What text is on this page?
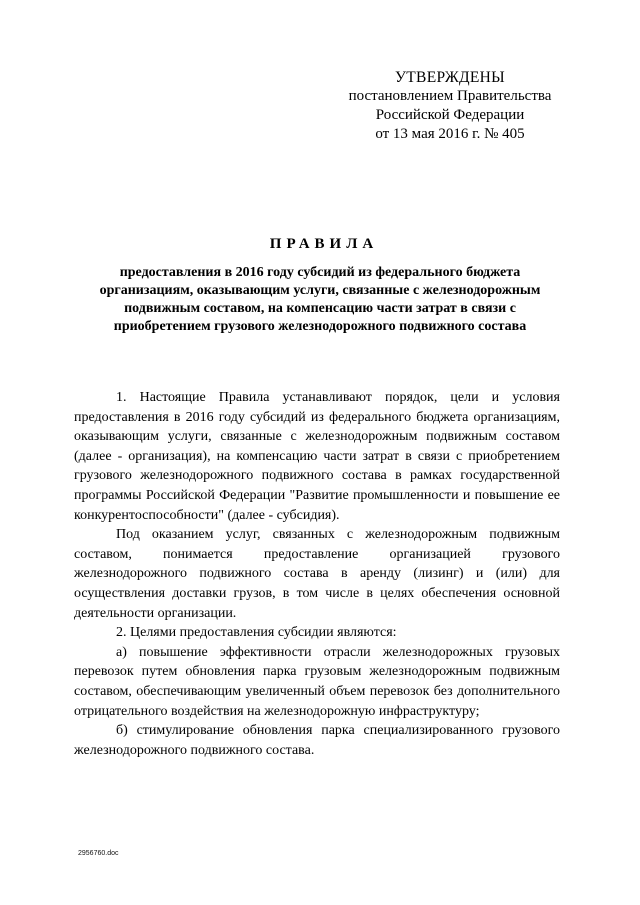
УТВЕРЖДЕНЫ
постановлением Правительства
Российской Федерации
от 13 мая 2016 г. № 405
ПРАВИЛА
предоставления в 2016 году субсидий из федерального бюджета организациям, оказывающим услуги, связанные с железнодорожным подвижным составом, на компенсацию части затрат в связи с приобретением грузового железнодорожного подвижного состава

1. Настоящие Правила устанавливают порядок, цели и условия предоставления в 2016 году субсидий из федерального бюджета организациям, оказывающим услуги, связанные с железнодорожным подвижным составом (далее - организация), на компенсацию части затрат в связи с приобретением грузового железнодорожного подвижного состава в рамках государственной программы Российской Федерации "Развитие промышленности и повышение ее конкурентоспособности" (далее - субсидия).

Под оказанием услуг, связанных с железнодорожным подвижным составом, понимается предоставление организацией грузового железнодорожного подвижного состава в аренду (лизинг) и (или) для осуществления доставки грузов, в том числе в целях обеспечения основной деятельности организации.

2. Целями предоставления субсидии являются:

а) повышение эффективности отрасли железнодорожных грузовых перевозок путем обновления парка грузовым железнодорожным подвижным составом, обеспечивающим увеличенный объем перевозок без дополнительного отрицательного воздействия на железнодорожную инфраструктуру;

б) стимулирование обновления парка специализированного грузового железнодорожного подвижного состава.

2956760.doc
